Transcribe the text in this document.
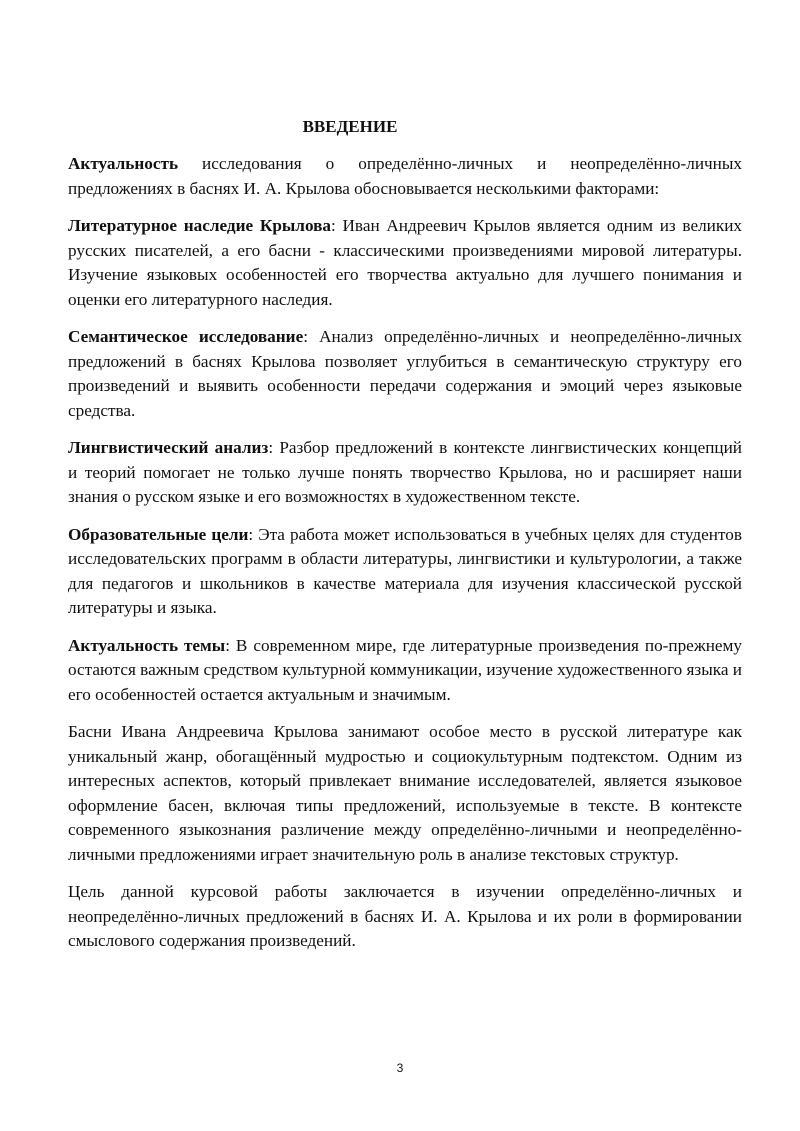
ВВЕДЕНИЕ

Актуальность исследования о определённо-личных и неопределённо-личных предложениях в баснях И. А. Крылова обосновывается несколькими факторами:

Литературное наследие Крылова: Иван Андреевич Крылов является одним из великих русских писателей, а его басни - классическими произведениями мировой литературы. Изучение языковых особенностей его творчества актуально для лучшего понимания и оценки его литературного наследия.

Семантическое исследование: Анализ определённо-личных и неопределённо-личных предложений в баснях Крылова позволяет углубиться в семантическую структуру его произведений и выявить особенности передачи содержания и эмоций через языковые средства.

Лингвистический анализ: Разбор предложений в контексте лингвистических концепций и теорий помогает не только лучше понять творчество Крылова, но и расширяет наши знания о русском языке и его возможностях в художественном тексте.

Образовательные цели: Эта работа может использоваться в учебных целях для студентов исследовательских программ в области литературы, лингвистики и культурологии, а также для педагогов и школьников в качестве материала для изучения классической русской литературы и языка.

Актуальность темы: В современном мире, где литературные произведения по-прежнему остаются важным средством культурной коммуникации, изучение художественного языка и его особенностей остается актуальным и значимым.

Басни Ивана Андреевича Крылова занимают особое место в русской литературе как уникальный жанр, обогащённый мудростью и социокультурным подтекстом. Одним из интересных аспектов, который привлекает внимание исследователей, является языковое оформление басен, включая типы предложений, используемые в тексте. В контексте современного языкознания различение между определённо-личными и неопределённо-личными предложениями играет значительную роль в анализе текстовых структур.

Цель данной курсовой работы заключается в изучении определённо-личных и неопределённо-личных предложений в баснях И. А. Крылова и их роли в формировании смыслового содержания произведений.

3
